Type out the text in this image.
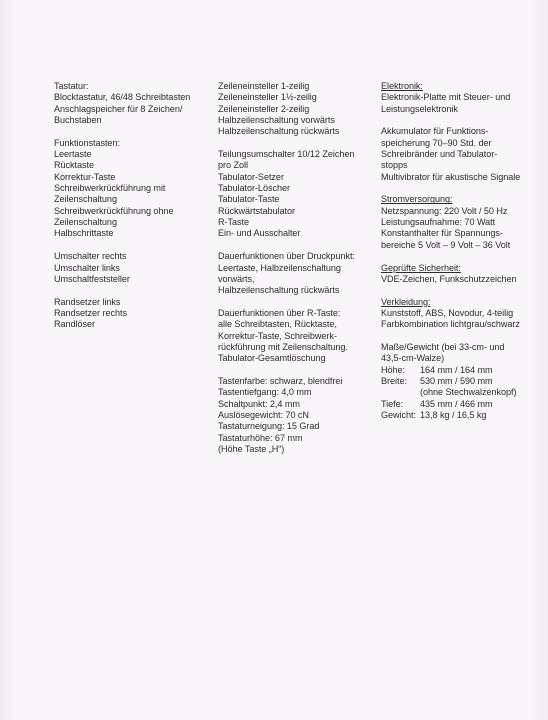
Tastatur:
Blocktastatur, 46/48 Schreibtasten
Anschlagspeicher für 8 Zeichen/
Buchstaben
Funktionstasten:
Leertaste
Rücktaste
Korrektur-Taste
Schreibwerkrückführung mit
Zeilenschaltung
Schreibwerkrückführung ohne
Zeilenschaltung
Halbschrittaste
Umschalter rechts
Umschalter links
Umschaltfeststeller
Randsetzer links
Randsetzer rechts
Randlöser
Zeileneinsteller 1-zeilig
Zeileneinsteller 1½-zeilig
Zeileneinsteller 2-zeilig
Halbzeilenschaltung vorwärts
Halbzeilenschaltung rückwärts
Teilungsumschalter 10/12 Zeichen
pro Zoll
Tabulator-Setzer
Tabulator-Löscher
Tabulator-Taste
Rückwärtstabulator
R-Taste
Ein- und Ausschalter
Dauerfunktionen über Druckpunkt:
Leertaste, Halbzeilenschaltung
vorwärts,
Halbzeilenschaltung rückwärts
Dauerfunktionen über R-Taste:
alle Schreibtasten, Rücktaste,
Korrektur-Taste, Schreibwerk-
rückführung mit Zeilenschaltung.
Tabulator-Gesamtlöschung
Tastenfarbe: schwarz, blendfrei
Tastentiefgang: 4,0 mm
Schaltpunkt: 2,4 mm
Auslösegewicht: 70 cN
Tastaturneigung: 15 Grad
Tastaturhöhe: 67 mm
(Höhe Taste „H“)
Elektronik:
Elektronik-Platte mit Steuer- und
Leistungselektronik
Akkumulator für Funktions-
speicherung 70–90 Std. der
Schreibränder und Tabulator-
stopps
Multivibrator für akustische Signale
Stromversorgung:
Netzspannung: 220 Volt / 50 Hz
Leistungsaufnahme: 70 Watt
Konstanthalter für Spannungs-
bereiche 5 Volt – 9 Volt – 36 Volt
Geprüfte Sicherheit:
VDE-Zeichen, Funkschutzzeichen
Verkleidung:
Kunststoff, ABS, Novodur, 4-teilig
Farbkombination lichtgrau/schwarz
Maße/Gewicht (bei 33-cm- und
43,5-cm-Walze)
Höhe:	164 mm / 164 mm
Breite:	530 mm / 590 mm
(ohne Stechwalzenkopf)
Tiefe:	435 mm / 466 mm
Gewicht: 13,8 kg / 16,5 kg
